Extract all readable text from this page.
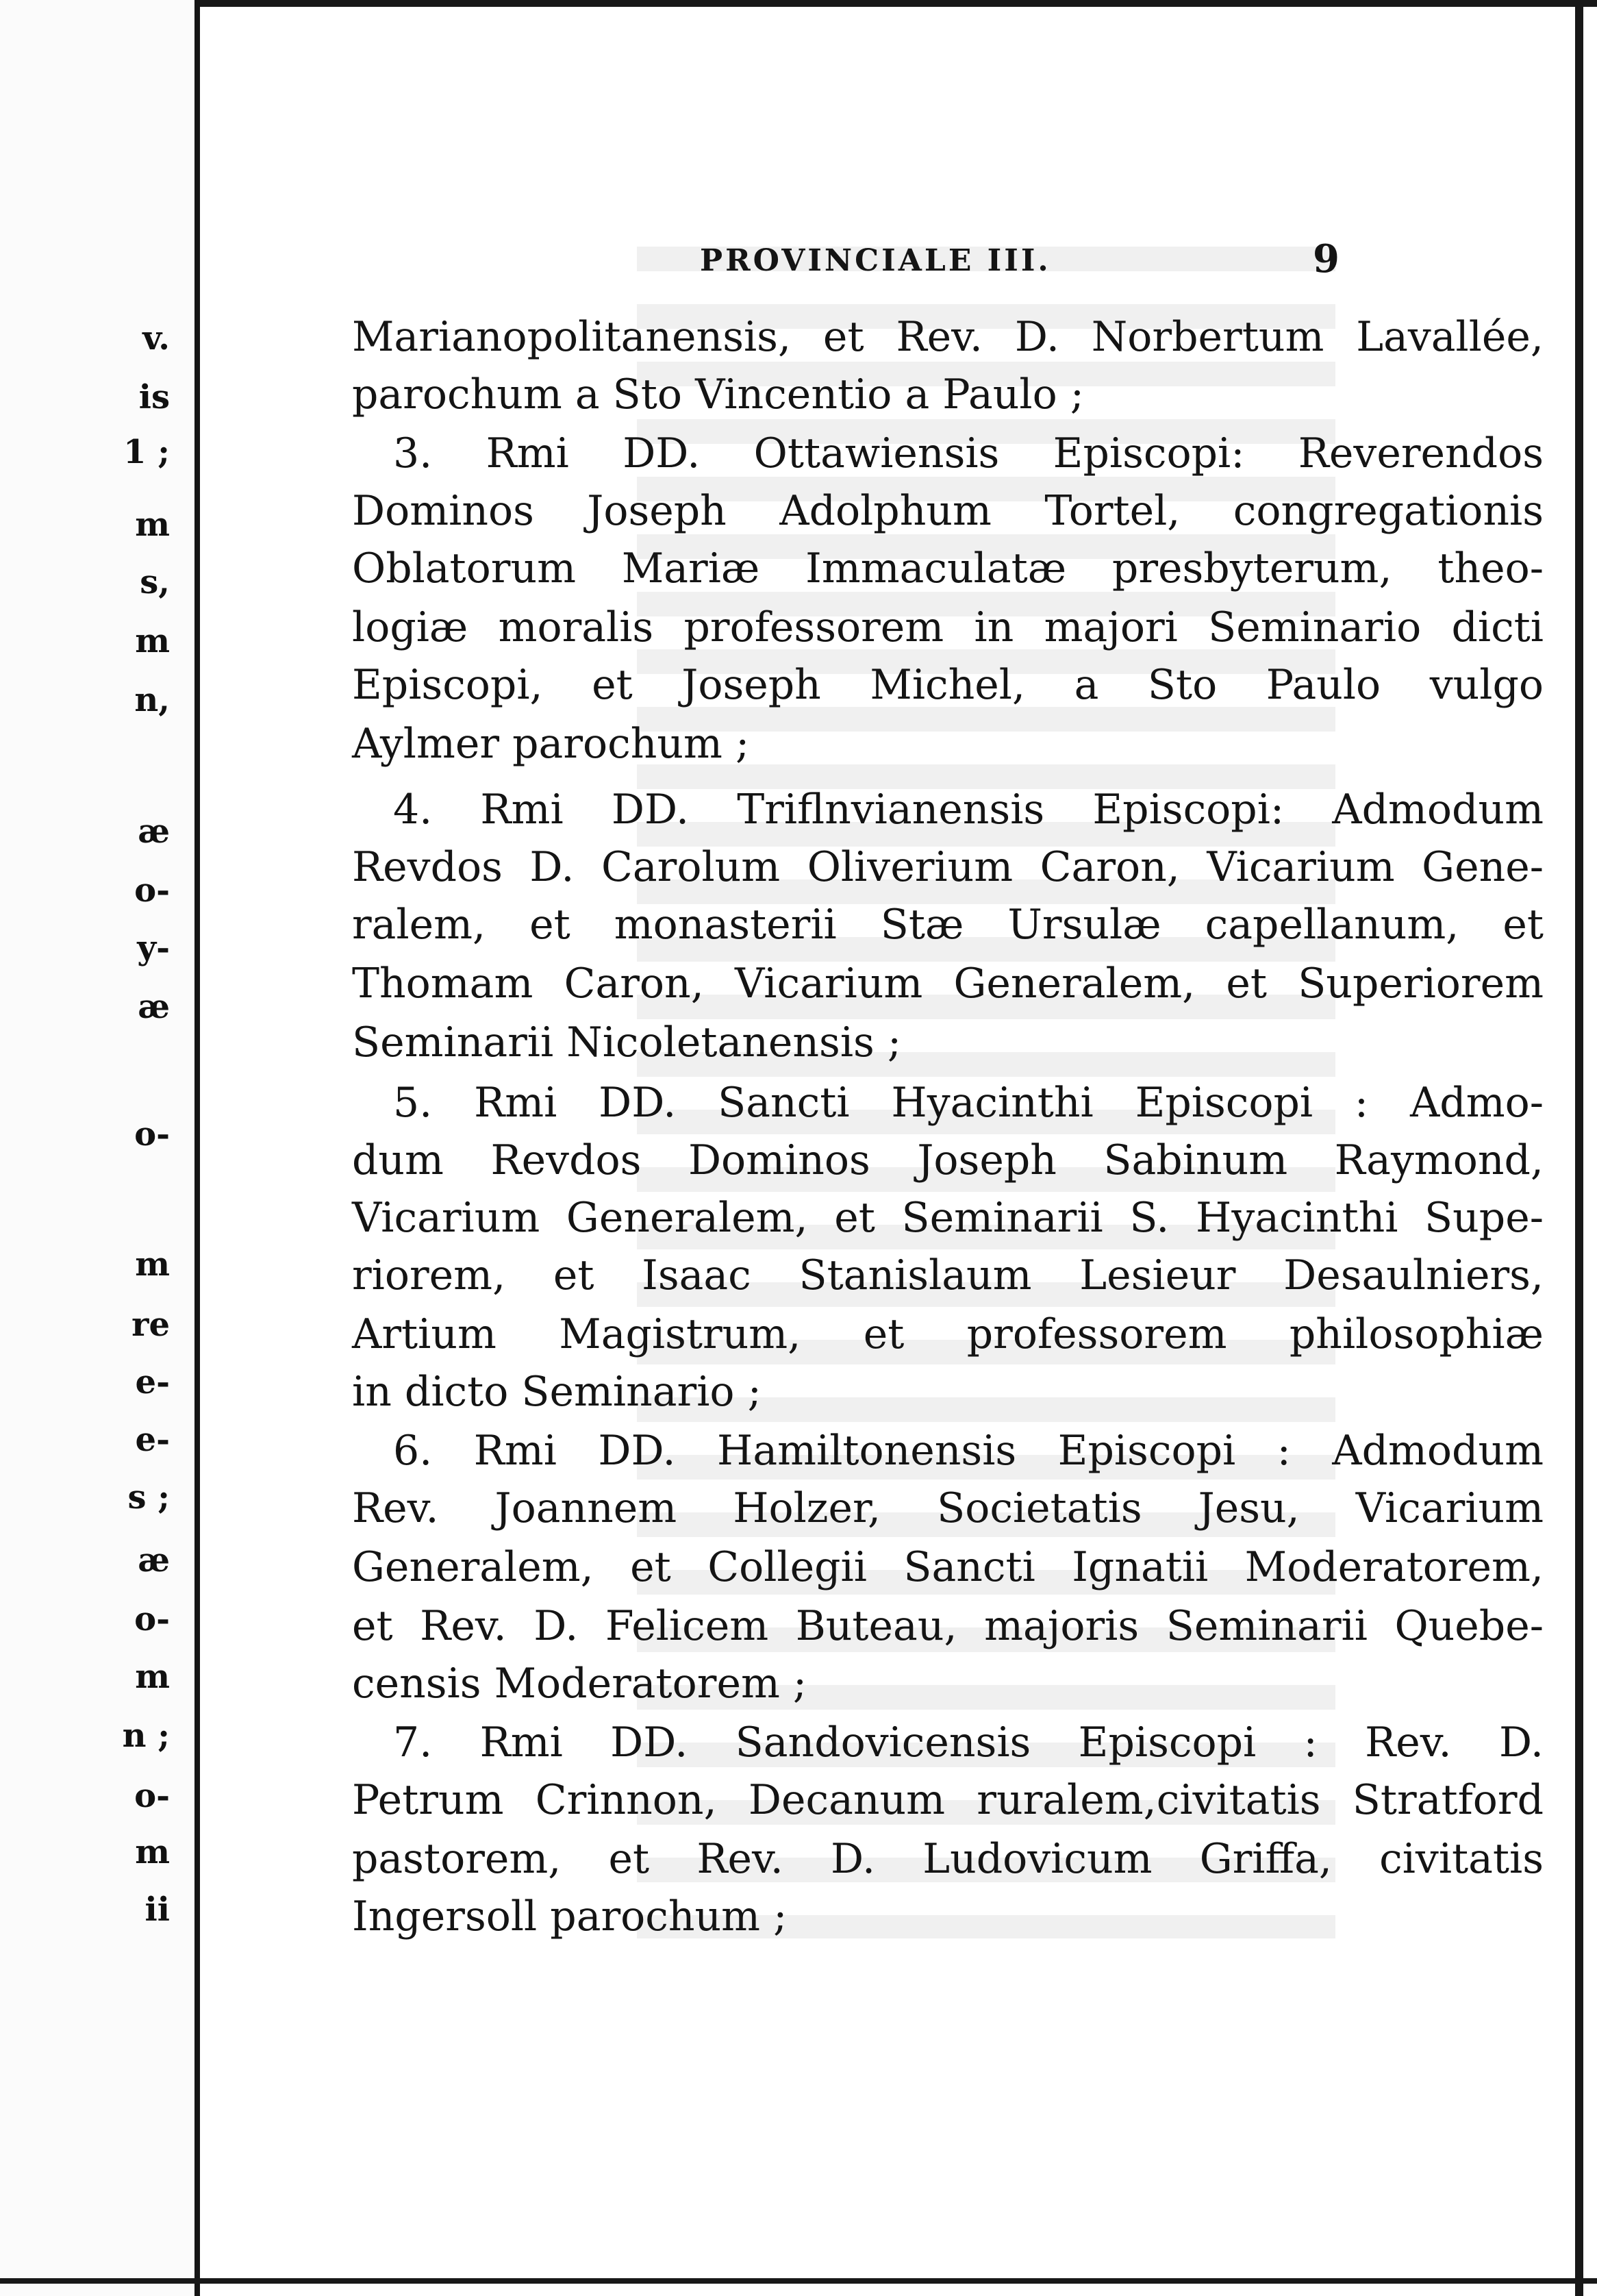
v.
is
1 ;
m
s,
m
n,
æ
o-
y-
æ
o-
m
re
e-
e-
s ;
æ
o-
m
n ;
o-
m
ii
PROVINCIALE III.	9
Marianopolitanensis, et Rev. D. Norbertum Lavallée,
parochum a Sto Vincentio a Paulo ;
3. Rmi DD. Ottawiensis Episcopi: Reverendos
Dominos Joseph Adolphum Tortel, congregationis
Oblatorum Mariæ Immaculatæ presbyterum, theo-
logiæ moralis professorem in majori Seminario dicti
Episcopi, et Joseph Michel, a Sto Paulo vulgo
Aylmer parochum ;
4. Rmi DD. Triflnvianensis Episcopi: Admodum
Revdos D. Carolum Oliverium Caron, Vicarium Gene-
ralem, et monasterii Stæ Ursulæ capellanum, et
Thomam Caron, Vicarium Generalem, et Superiorem
Seminarii Nicoletanensis ;
5. Rmi DD. Sancti Hyacinthi Episcopi : Admo-
dum Revdos Dominos Joseph Sabinum Raymond,
Vicarium Generalem, et Seminarii S. Hyacinthi Supe-
riorem, et Isaac Stanislaum Lesieur Desaulniers,
Artium Magistrum, et professorem philosophiæ
in dicto Seminario ;
6. Rmi DD. Hamiltonensis Episcopi : Admodum
Rev. Joannem Holzer, Societatis Jesu, Vicarium
Generalem, et Collegii Sancti Ignatii Moderatorem,
et Rev. D. Felicem Buteau, majoris Seminarii Quebe-
censis Moderatorem ;
7. Rmi DD. Sandovicensis Episcopi : Rev. D.
Petrum Crinnon, Decanum ruralem,civitatis Stratford
pastorem, et Rev. D. Ludovicum Griffa, civitatis
Ingersoll parochum ;
